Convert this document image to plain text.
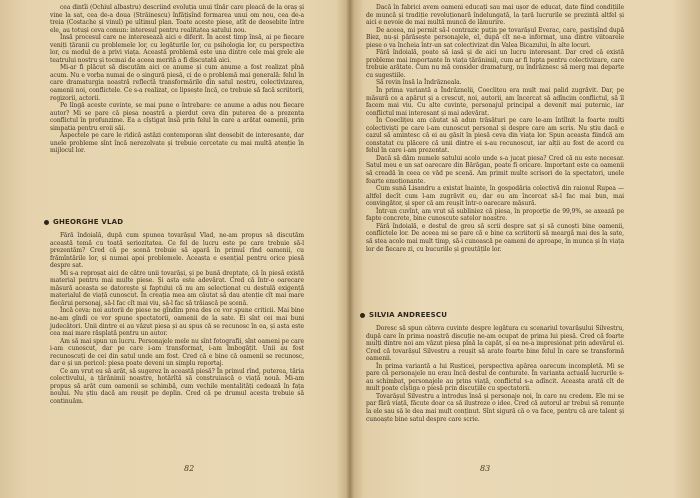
cea dintîi (Ochiul albastru) descriind evoluția unui tînăr care pleacă de la oraș și vine la sat, cea de-a doua (Străinescu) înfățișînd formarea unui om nou, cea de-a treia (Costache și vinul) pe ultimul plan. Toate aceste piese, atît de deosebite între ele, au totuși ceva comun: interesul pentru realitatea satului nou.

Însă procesul care ne interesează aici e diferit. În acest timp însă, ai pe fiecare veniți țăranii cu problemele lor, cu legăturile lor, cu psihologia lor, cu perspectiva lor, cu modul de a privi viața. Această problemă este una dintre cele mai grele ale teatrului nostru și tocmai de aceea merită a fi discutată aici.

Mi-ar fi plăcut să discutăm aici ce anume și cum anume a fost realizat pînă acum. Nu e vorba numai de o singură piesă, ci de o problemă mai generală: felul în care dramaturgia noastră reflectă transformările din satul nostru, colectivizarea, oamenii noi, conflictele. Ce s-a realizat, ce lipsește încă, ce trebuie să facă scriitorii, regizorii, actorii.

Pe lîngă aceste cuvinte, se mai pune o întrebare: ce anume a adus nou fiecare autor? Mi se pare că piesa noastră a pierdut ceva din puterea de a prezenta conflictul în profunzime. Ea a cîștigat însă prin felul în care a arătat oamenii, prin simpatia pentru eroii săi.

Aspectele pe care le ridică astăzi contemporan sînt deosebit de interesante, dar unele probleme sînt încă nerezolvate și trebuie cercetate cu mai multă atenție în mijlocul lor.

GHEORGHE VLAD

Fără îndoială, după cum spunea tovarășul Vlad, ne-am propus să discutăm această temă cu toată seriozitatea. Ce fel de lucru este pe care trebuie să-l prezentăm? Cred că pe scenă trebuie să apară în primul rînd oamenii, cu frămîntările lor, și numai apoi problemele. Aceasta e esențial pentru orice piesă despre sat.

Mi s-a reproșat aici de către unii tovarăși, și pe bună dreptate, că în piesă există material pentru mai multe piese. Și asta este adevărat. Cred că într-o oarecare măsură aceasta se datorește și faptului că nu am selecționat cu destulă exigență materialul de viață cunoscut. În creația mea am căutat să dau atenție cît mai mare fiecărui personaj, să-l fac cît mai viu, să-l fac să trăiască pe scenă.

Încă ceva: noi autorii de piese ne gîndim prea des ce vor spune criticii. Mai bine ne-am gîndi ce vor spune spectatorii, oamenii de la sate. Ei sînt cei mai buni judecători. Unii dintre ei au văzut piesa și au spus că se recunosc în ea, și asta este cea mai mare răsplată pentru un autor.

Am să mai spun un lucru. Personajele mele nu sînt fotografii, sînt oameni pe care i-am cunoscut, dar pe care i-am transformat, i-am îmbogățit. Unii au fost recunoscuți de cei din satul unde am fost. Cred că e bine că oamenii se recunosc, dar e și un pericol: piesa poate deveni un simplu reportaj.

Ce am vrut eu să arăt, să sugerez în această piesă? În primul rînd, puterea, tăria colectivului, a țărănimii noastre, hotărîtă să construiască o viață nouă. Mi-am propus să arăt cum oamenii se schimbă, cum vechile mentalități cedează în fața noului. Nu știu dacă am reușit pe deplin. Cred că pe drumul acesta trebuie să continuăm.

82

Dacă în fabrici avem oameni educați sau mai ușor de educat, date fiind condițiile de muncă și tradiție revoluționară îndelungată, la țară lucrurile se prezintă altfel și aici e nevoie de mai multă muncă de lămurire.

De aceea, mi permit să-l contrazic puțin pe tovarășul Everac, care, pastișînd după Biez, nu-și părăsește personajele, el, după cît ne-a informat, una dintre viitoarele piese o va încheia într-un sat colectivizat din Valea Bicazului, în alte locuri.

Fără îndoială, poate să iasă și de aici un lucru interesant. Dar cred că există probleme mai importante în viața țărănimii, cum ar fi lupta pentru colectivizare, care trebuie arătate. Cum nu mă consider dramaturg, nu îndrăznesc să merg mai departe cu sugestiile.

Să revin însă la Îndrăzneala.

În prima variantă a Îndrăznelii, Coeclițeu era mult mai palid zugrăvit. Dar, pe măsură ce a apărut și a crescut, noi, autorii, am încercat să adîncim conflictul, să îl facem mai viu. Cu alte cuvinte, personajul principal a devenit mai puternic, iar conflictul mai interesant și mai adevărat.

În Coeclițeu am căutat să adun trăsături pe care le-am întîlnit la foarte mulți colectiviști pe care i-am cunoscut personal și despre care am scris. Nu știu dacă e cazul să amintesc că ei au găsit în piesă ceva din viața lor. Spun aceasta fiindcă am constatat cu plăcere că unii dintre ei s-au recunoscut, iar alții au fost de acord cu felul în care i-am prezentat.

Dacă să dăm numele satului acolo unde s-a jucat piesa? Cred că nu este necesar. Satul meu e un sat oarecare din Bărăgan, poate fi oricare. Important este ca oamenii să creadă în ceea ce văd pe scenă. Am primit multe scrisori de la spectatori, unele foarte emoționante.

Cum sună Lisandru a existat înainte, în gospodăria colectivă din raionul Rupea — altfel decît cum l-am zugrăvit eu, dar eu am încercat să-l fac mai bun, mai convingător, și sper că am reușit într-o oarecare măsură.

Într-un cuvînt, am vrut să subliniez că piesa, în proporție de 99,9%, se axează pe fapte concrete, bine cunoscute satelor noastre.

Fără îndoială, e destul de greu să scrii despre sat și să cunoști bine oamenii, conflictele lor. De aceea mi se pare că e bine ca scriitorii să meargă mai des la sate, să stea acolo mai mult timp, să-i cunoască pe oameni de aproape, în munca și în viața lor de fiecare zi, cu bucuriile și greutățile lor.

SILVIA ANDREESCU

Doresc să spun câteva cuvinte despre legătura cu scenariul tovarășului Silvestru, după care în prima noastră discuție ne-am ocupat de prima lui piesă. Cred că foarte mulți dintre noi am văzut piesa pînă la capăt, și ea ne-a impresionat prin adevărul ei. Cred că tovarășul Silvestru a reușit să arate foarte bine felul în care se transformă oamenii.

În prima variantă a lui Rusticei, perspectiva apărea oarecum incompletă. Mi se pare că personajele nu erau încă destul de conturate. În varianta actuală lucrurile s-au schimbat, personajele au prins viață, conflictul s-a adîncit. Aceasta arată cît de mult poate cîștiga o piesă prin discuțiile cu spectatorii.

Tovarășul Silvestru a introdus însă și personaje noi, în care nu credem. Ele mi se par fără viață, făcute doar ca să ilustreze o idee. Cred că autorul ar trebui să renunțe la ele sau să le dea mai mult conținut. Sînt sigură că o va face, pentru că are talent și cunoaște bine satul despre care scrie.

83
